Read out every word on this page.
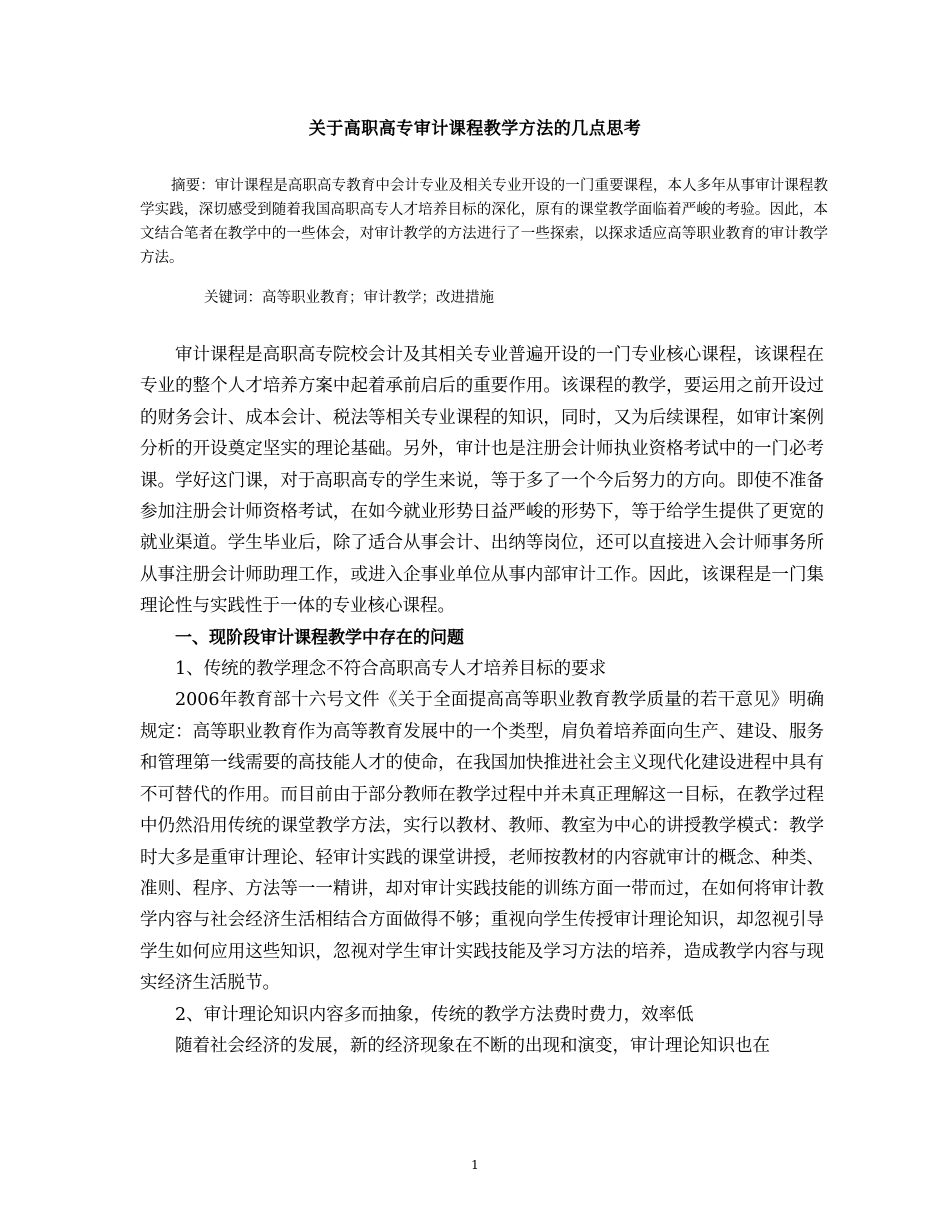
关于高职高专审计课程教学方法的几点思考
摘要：审计课程是高职高专教育中会计专业及相关专业开设的一门重要课程，本人多年从事审计课程教学实践，深切感受到随着我国高职高专人才培养目标的深化，原有的课堂教学面临着严峻的考验。因此，本文结合笔者在教学中的一些体会，对审计教学的方法进行了一些探索，以探求适应高等职业教育的审计教学方法。
关键词：高等职业教育；审计教学；改进措施

审计课程是高职高专院校会计及其相关专业普遍开设的一门专业核心课程，该课程在专业的整个人才培养方案中起着承前启后的重要作用。该课程的教学，要运用之前开设过的财务会计、成本会计、税法等相关专业课程的知识，同时，又为后续课程，如审计案例分析的开设奠定坚实的理论基础。另外，审计也是注册会计师执业资格考试中的一门必考课。学好这门课，对于高职高专的学生来说，等于多了一个今后努力的方向。即使不准备参加注册会计师资格考试，在如今就业形势日益严峻的形势下，等于给学生提供了更宽的就业渠道。学生毕业后，除了适合从事会计、出纳等岗位，还可以直接进入会计师事务所从事注册会计师助理工作，或进入企事业单位从事内部审计工作。因此，该课程是一门集理论性与实践性于一体的专业核心课程。

一、现阶段审计课程教学中存在的问题

1、传统的教学理念不符合高职高专人才培养目标的要求

2006年教育部十六号文件《关于全面提高高等职业教育教学质量的若干意见》明确规定：高等职业教育作为高等教育发展中的一个类型，肩负着培养面向生产、建设、服务和管理第一线需要的高技能人才的使命，在我国加快推进社会主义现代化建设进程中具有不可替代的作用。而目前由于部分教师在教学过程中并未真正理解这一目标，在教学过程中仍然沿用传统的课堂教学方法，实行以教材、教师、教室为中心的讲授教学模式：教学时大多是重审计理论、轻审计实践的课堂讲授，老师按教材的内容就审计的概念、种类、准则、程序、方法等一一精讲，却对审计实践技能的训练方面一带而过，在如何将审计教学内容与社会经济生活相结合方面做得不够；重视向学生传授审计理论知识，却忽视引导学生如何应用这些知识，忽视对学生审计实践技能及学习方法的培养，造成教学内容与现实经济生活脱节。

2、审计理论知识内容多而抽象，传统的教学方法费时费力，效率低

随着社会经济的发展，新的经济现象在不断的出现和演变，审计理论知识也在

1
